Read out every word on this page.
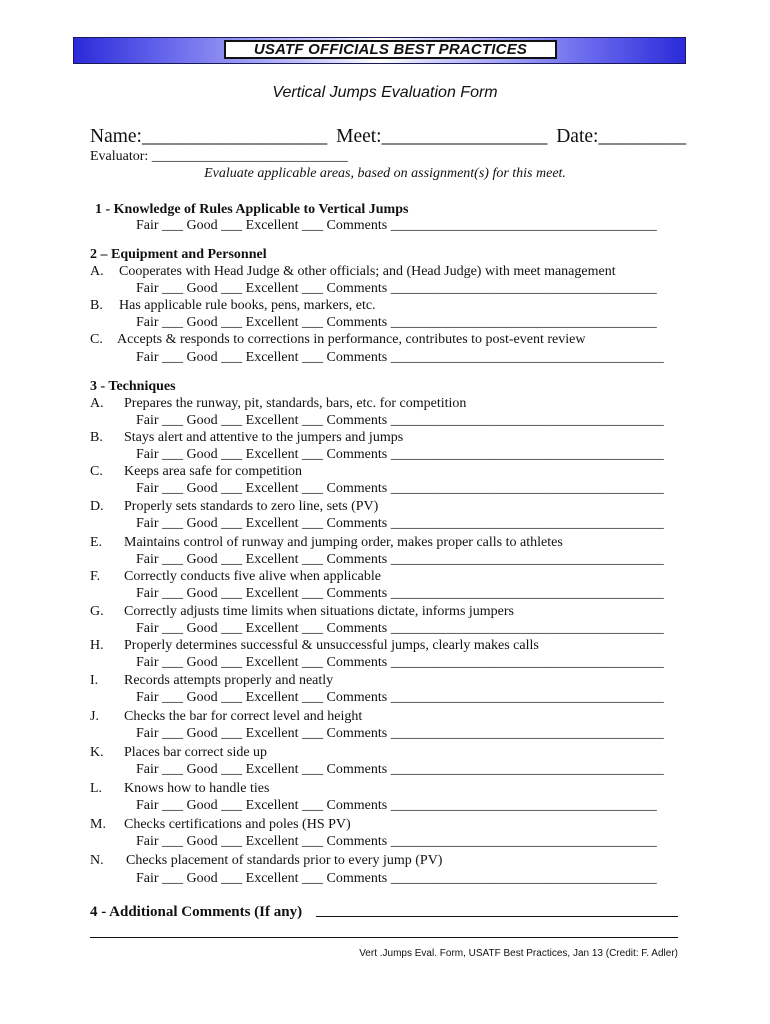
USATF OFFICIALS BEST PRACTICES
Vertical Jumps Evaluation Form
Name:___________________ Meet:_________________ Date:_________
Evaluator: ____________________________
Evaluate applicable areas, based on assignment(s) for this meet.
1 - Knowledge of Rules Applicable to Vertical Jumps
Fair ___ Good ___ Excellent ___ Comments ______________________________________
2 – Equipment and Personnel
A. Cooperates with Head Judge & other officials; and (Head Judge) with meet management
Fair ___ Good ___ Excellent ___ Comments ______________________________________
B. Has applicable rule books, pens, markers, etc.
Fair ___ Good ___ Excellent ___ Comments ______________________________________
C. Accepts & responds to corrections in performance, contributes to post-event review
Fair ___ Good ___ Excellent ___ Comments _______________________________________
3 - Techniques
A. Prepares the runway, pit, standards, bars, etc. for competition
Fair ___ Good ___ Excellent ___ Comments _______________________________________
B. Stays alert and attentive to the jumpers and jumps
Fair ___ Good ___ Excellent ___ Comments _______________________________________
C. Keeps area safe for competition
Fair ___ Good ___ Excellent ___ Comments _______________________________________
D. Properly sets standards to zero line, sets (PV)
Fair ___ Good ___ Excellent ___ Comments _______________________________________
E. Maintains control of runway and jumping order, makes proper calls to athletes
Fair ___ Good ___ Excellent ___ Comments _______________________________________
F. Correctly conducts five alive when applicable
Fair ___ Good ___ Excellent ___ Comments _______________________________________
G. Correctly adjusts time limits when situations dictate, informs jumpers
Fair ___ Good ___ Excellent ___ Comments _______________________________________
H. Properly determines successful & unsuccessful jumps, clearly makes calls
Fair ___ Good ___ Excellent ___ Comments _______________________________________
I. Records attempts properly and neatly
Fair ___ Good ___ Excellent ___ Comments _______________________________________
J. Checks the bar for correct level and height
Fair ___ Good ___ Excellent ___ Comments _______________________________________
K. Places bar correct side up
Fair ___ Good ___ Excellent ___ Comments _______________________________________
L. Knows how to handle ties
Fair ___ Good ___ Excellent ___ Comments ______________________________________
M. Checks certifications and poles (HS PV)
Fair ___ Good ___ Excellent ___ Comments ______________________________________
N. Checks placement of standards prior to every jump (PV)
Fair ___ Good ___ Excellent ___ Comments ______________________________________
4 - Additional Comments (If any)
Vert .Jumps Eval. Form, USATF Best Practices, Jan 13 (Credit: F. Adler)
